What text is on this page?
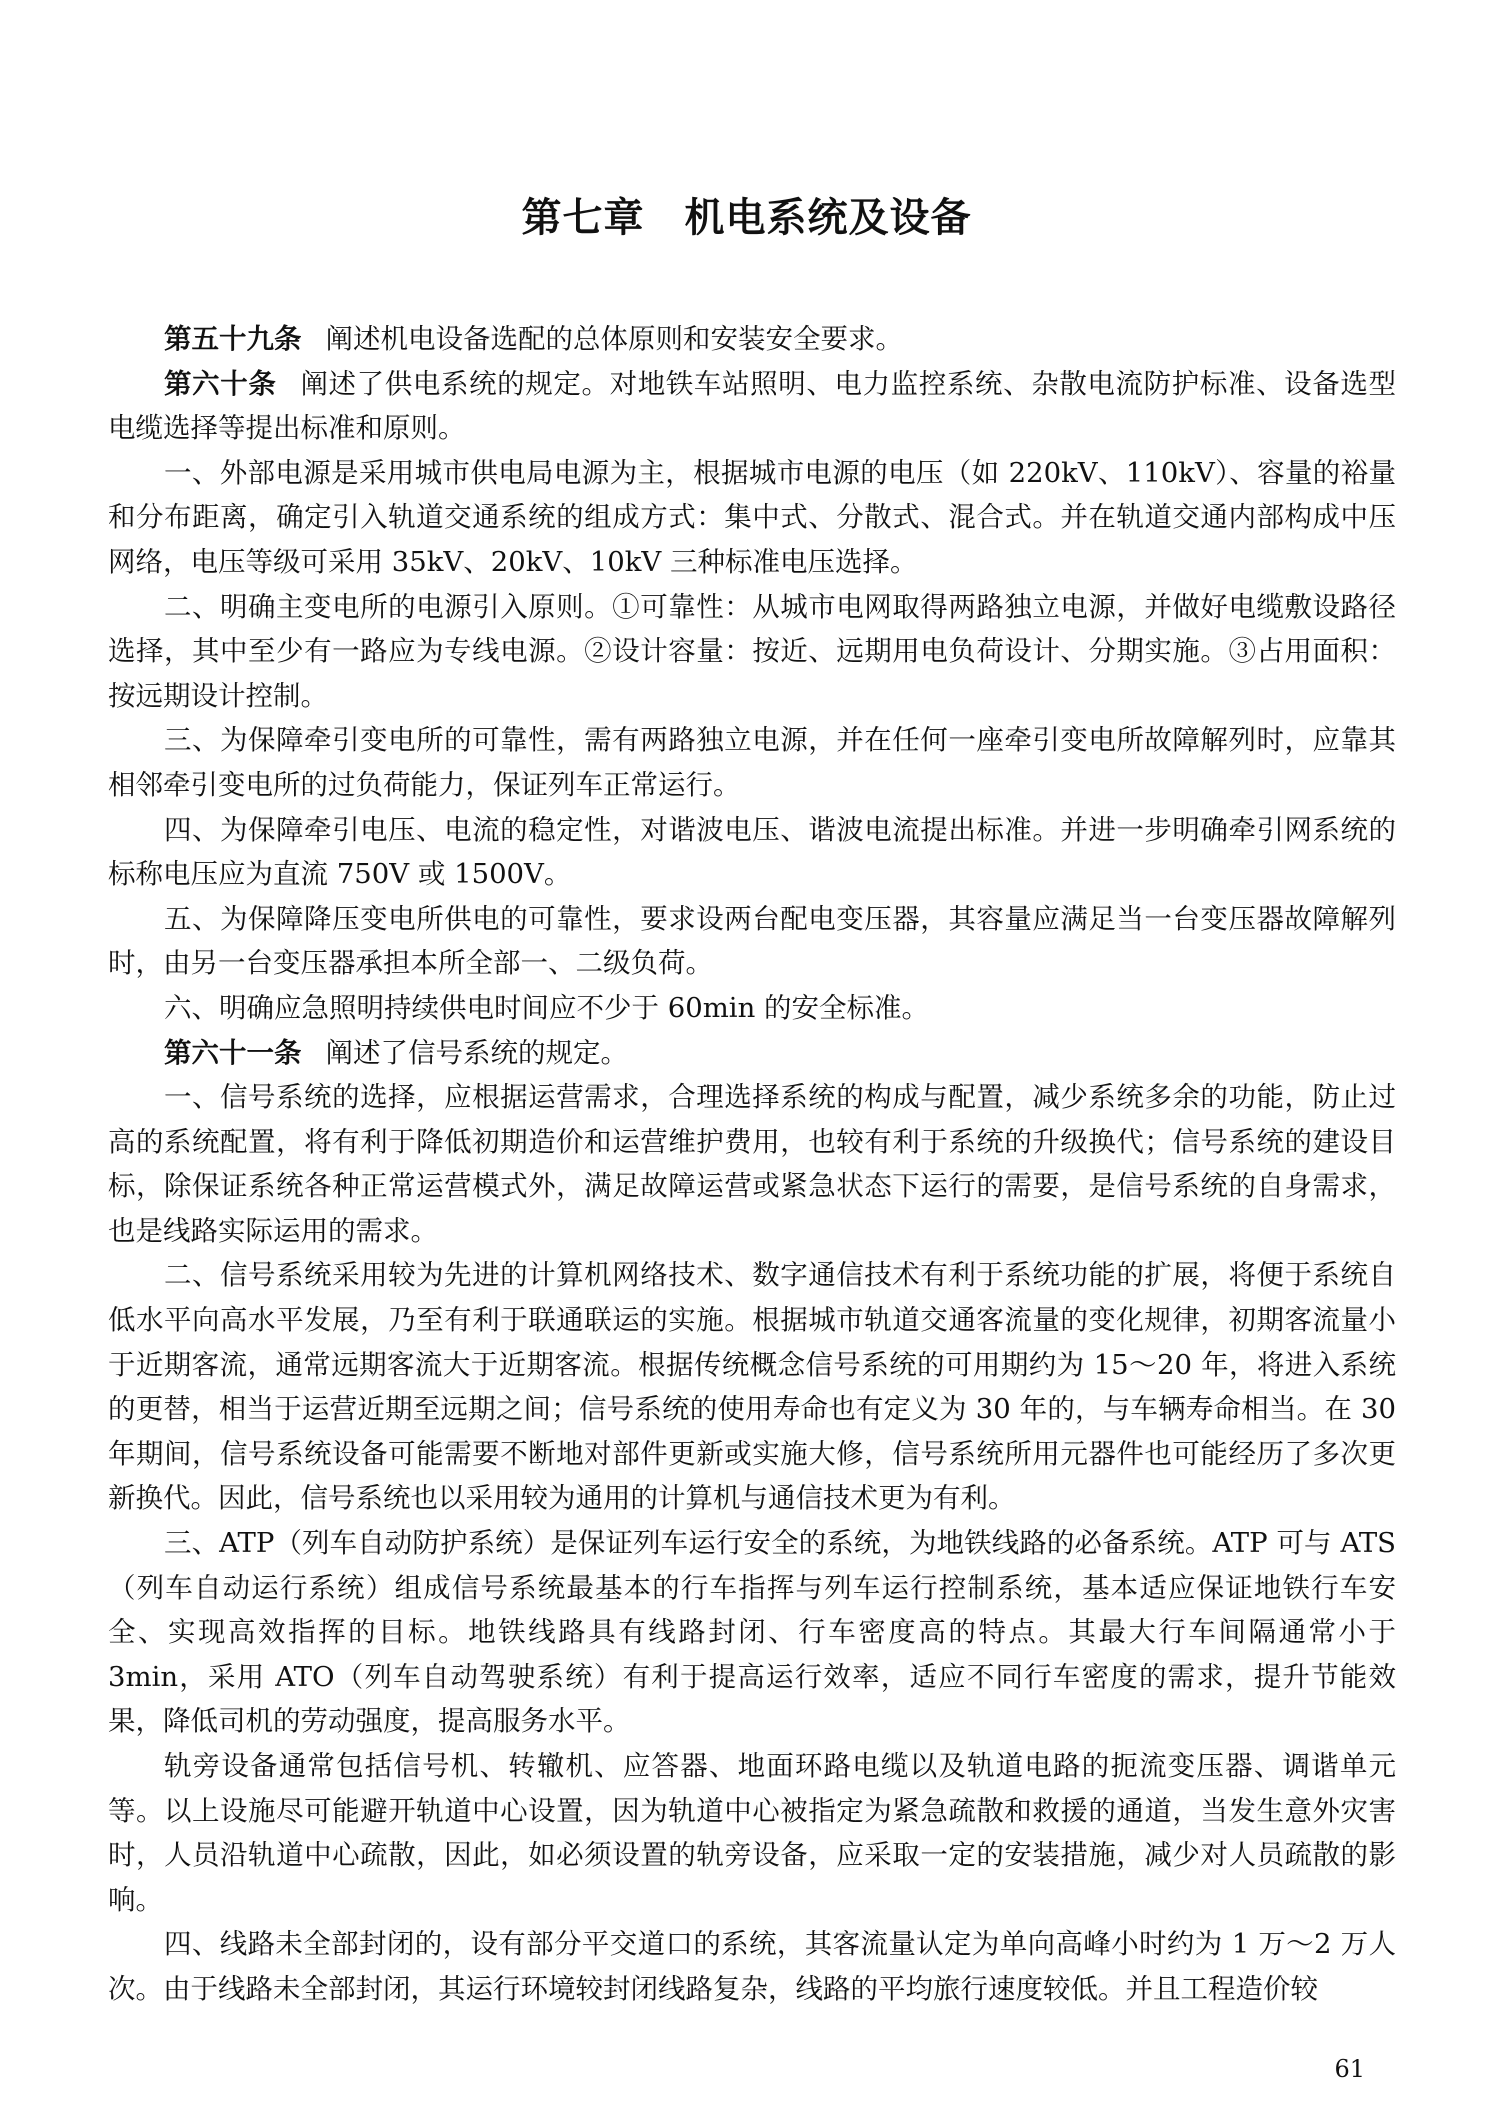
第七章 机电系统及设备

第五十九条 阐述机电设备选配的总体原则和安装安全要求。

第六十条 阐述了供电系统的规定。对地铁车站照明、电力监控系统、杂散电流防护标准、设备选型电缆选择等提出标准和原则。

一、外部电源是采用城市供电局电源为主，根据城市电源的电压（如 220kV、110kV）、容量的裕量和分布距离，确定引入轨道交通系统的组成方式：集中式、分散式、混合式。并在轨道交通内部构成中压网络，电压等级可采用 35kV、20kV、10kV 三种标准电压选择。

二、明确主变电所的电源引入原则。①可靠性：从城市电网取得两路独立电源，并做好电缆敷设路径选择，其中至少有一路应为专线电源。②设计容量：按近、远期用电负荷设计、分期实施。③占用面积：按远期设计控制。

三、为保障牵引变电所的可靠性，需有两路独立电源，并在任何一座牵引变电所故障解列时，应靠其相邻牵引变电所的过负荷能力，保证列车正常运行。

四、为保障牵引电压、电流的稳定性，对谐波电压、谐波电流提出标准。并进一步明确牵引网系统的标称电压应为直流 750V 或 1500V。

五、为保障降压变电所供电的可靠性，要求设两台配电变压器，其容量应满足当一台变压器故障解列时，由另一台变压器承担本所全部一、二级负荷。

六、明确应急照明持续供电时间应不少于 60min 的安全标准。

第六十一条 阐述了信号系统的规定。

一、信号系统的选择，应根据运营需求，合理选择系统的构成与配置，减少系统多余的功能，防止过高的系统配置，将有利于降低初期造价和运营维护费用，也较有利于系统的升级换代；信号系统的建设目标，除保证系统各种正常运营模式外，满足故障运营或紧急状态下运行的需要，是信号系统的自身需求，也是线路实际运用的需求。

二、信号系统采用较为先进的计算机网络技术、数字通信技术有利于系统功能的扩展，将便于系统自低水平向高水平发展，乃至有利于联通联运的实施。根据城市轨道交通客流量的变化规律，初期客流量小于近期客流，通常远期客流大于近期客流。根据传统概念信号系统的可用期约为 15～20 年，将进入系统的更替，相当于运营近期至远期之间；信号系统的使用寿命也有定义为 30 年的，与车辆寿命相当。在 30 年期间，信号系统设备可能需要不断地对部件更新或实施大修，信号系统所用元器件也可能经历了多次更新换代。因此，信号系统也以采用较为通用的计算机与通信技术更为有利。

三、ATP（列车自动防护系统）是保证列车运行安全的系统，为地铁线路的必备系统。ATP 可与 ATS（列车自动运行系统）组成信号系统最基本的行车指挥与列车运行控制系统，基本适应保证地铁行车安全、实现高效指挥的目标。地铁线路具有线路封闭、行车密度高的特点。其最大行车间隔通常小于 3min，采用 ATO（列车自动驾驶系统）有利于提高运行效率，适应不同行车密度的需求，提升节能效果，降低司机的劳动强度，提高服务水平。

轨旁设备通常包括信号机、转辙机、应答器、地面环路电缆以及轨道电路的扼流变压器、调谐单元等。以上设施尽可能避开轨道中心设置，因为轨道中心被指定为紧急疏散和救援的通道，当发生意外灾害时，人员沿轨道中心疏散，因此，如必须设置的轨旁设备，应采取一定的安装措施，减少对人员疏散的影响。

四、线路未全部封闭的，设有部分平交道口的系统，其客流量认定为单向高峰小时约为 1 万～2 万人次。由于线路未全部封闭，其运行环境较封闭线路复杂，线路的平均旅行速度较低。并且工程造价较

61
